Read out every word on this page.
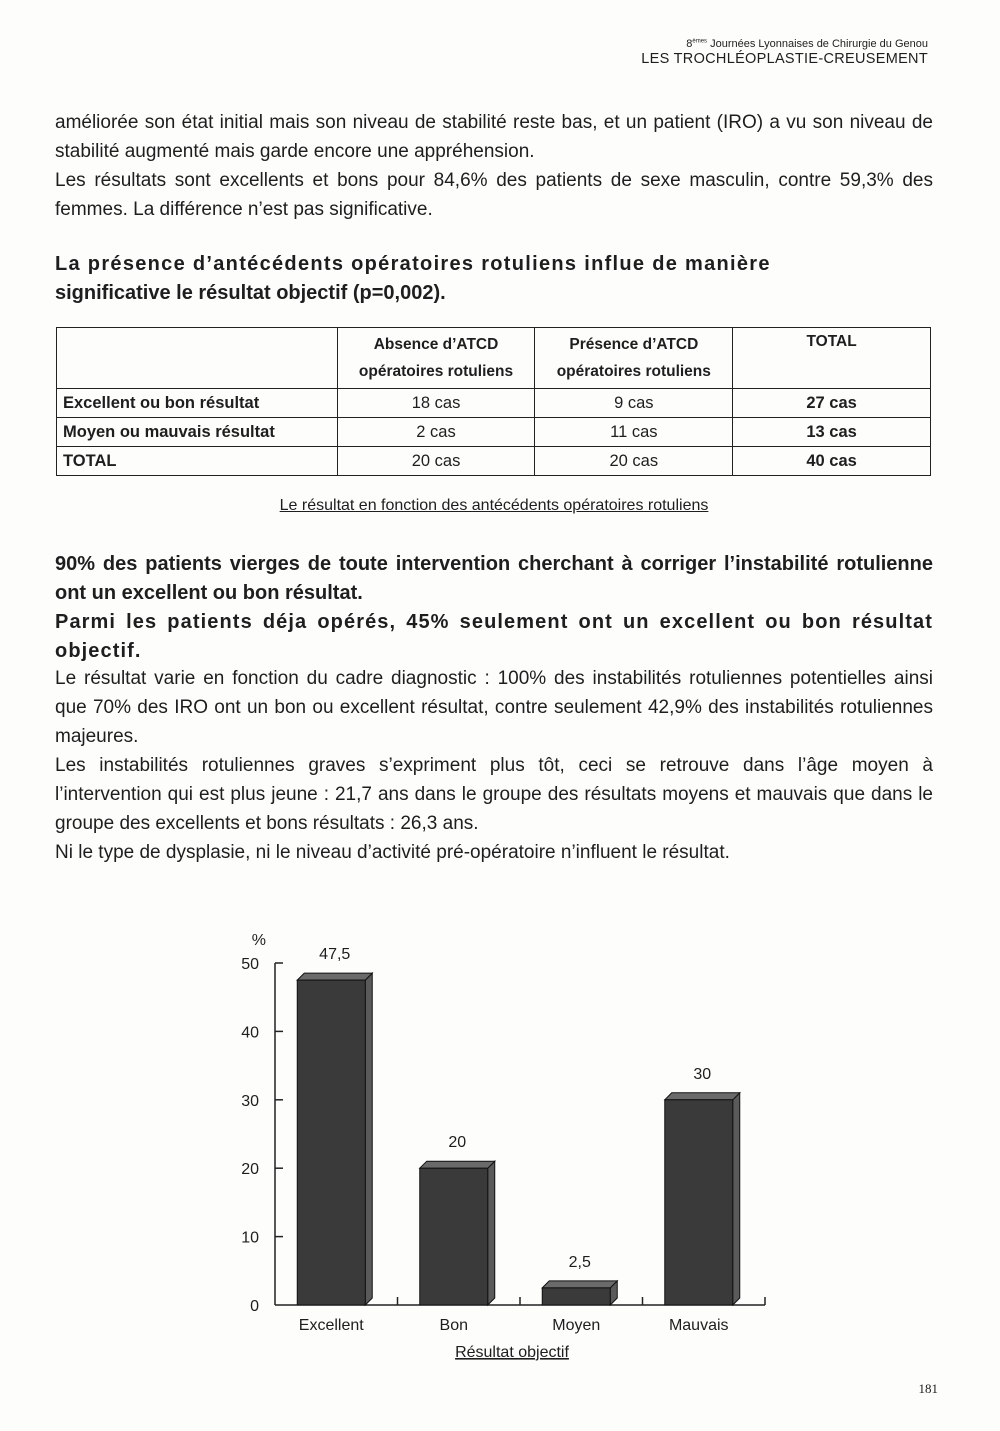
8èmes Journées Lyonnaises de Chirurgie du Genou
LES TROCHLÉOPLASTIE-CREUSEMENT

améliorée son état initial mais son niveau de stabilité reste bas, et un patient (IRO) a vu son niveau de stabilité augmenté mais garde encore une appréhension.

Les résultats sont excellents et bons pour 84,6% des patients de sexe masculin, contre 59,3% des femmes. La différence n’est pas significative.

La présence d’antécédents opératoires rotuliens influe de manière

significative le résultat objectif (p=0,002).

	Absence d’ATCD
opératoires rotuliens	Présence d’ATCD
opératoires rotuliens	TOTAL
Excellent ou bon résultat	18 cas	9 cas	27 cas
Moyen ou mauvais résultat	2 cas	11 cas	13 cas
TOTAL	20 cas	20 cas	40 cas
Le résultat en fonction des antécédents opératoires rotuliens

90% des patients vierges de toute intervention cherchant à corriger l’instabilité rotulienne ont un excellent ou bon résultat.

Parmi les patients déja opérés, 45% seulement ont un excellent ou bon résultat objectif.

Le résultat varie en fonction du cadre diagnostic : 100% des instabilités rotuliennes potentielles ainsi que 70% des IRO ont un bon ou excellent résultat, contre seulement 42,9% des instabilités rotuliennes majeures.

Les instabilités rotuliennes graves s’expriment plus tôt, ceci se retrouve dans l’âge moyen à l’intervention qui est plus jeune : 21,7 ans dans le groupe des résultats moyens et mauvais que dans le groupe des excellents et bons résultats : 26,3 ans.

Ni le type de dysplasie, ni le niveau d’activité pré-opératoire n’influent le résultat.

0
10
20
30
40
50
%
47,5
Excellent
20
Bon
2,5
Moyen
30
Mauvais
Résultat objectif
181
